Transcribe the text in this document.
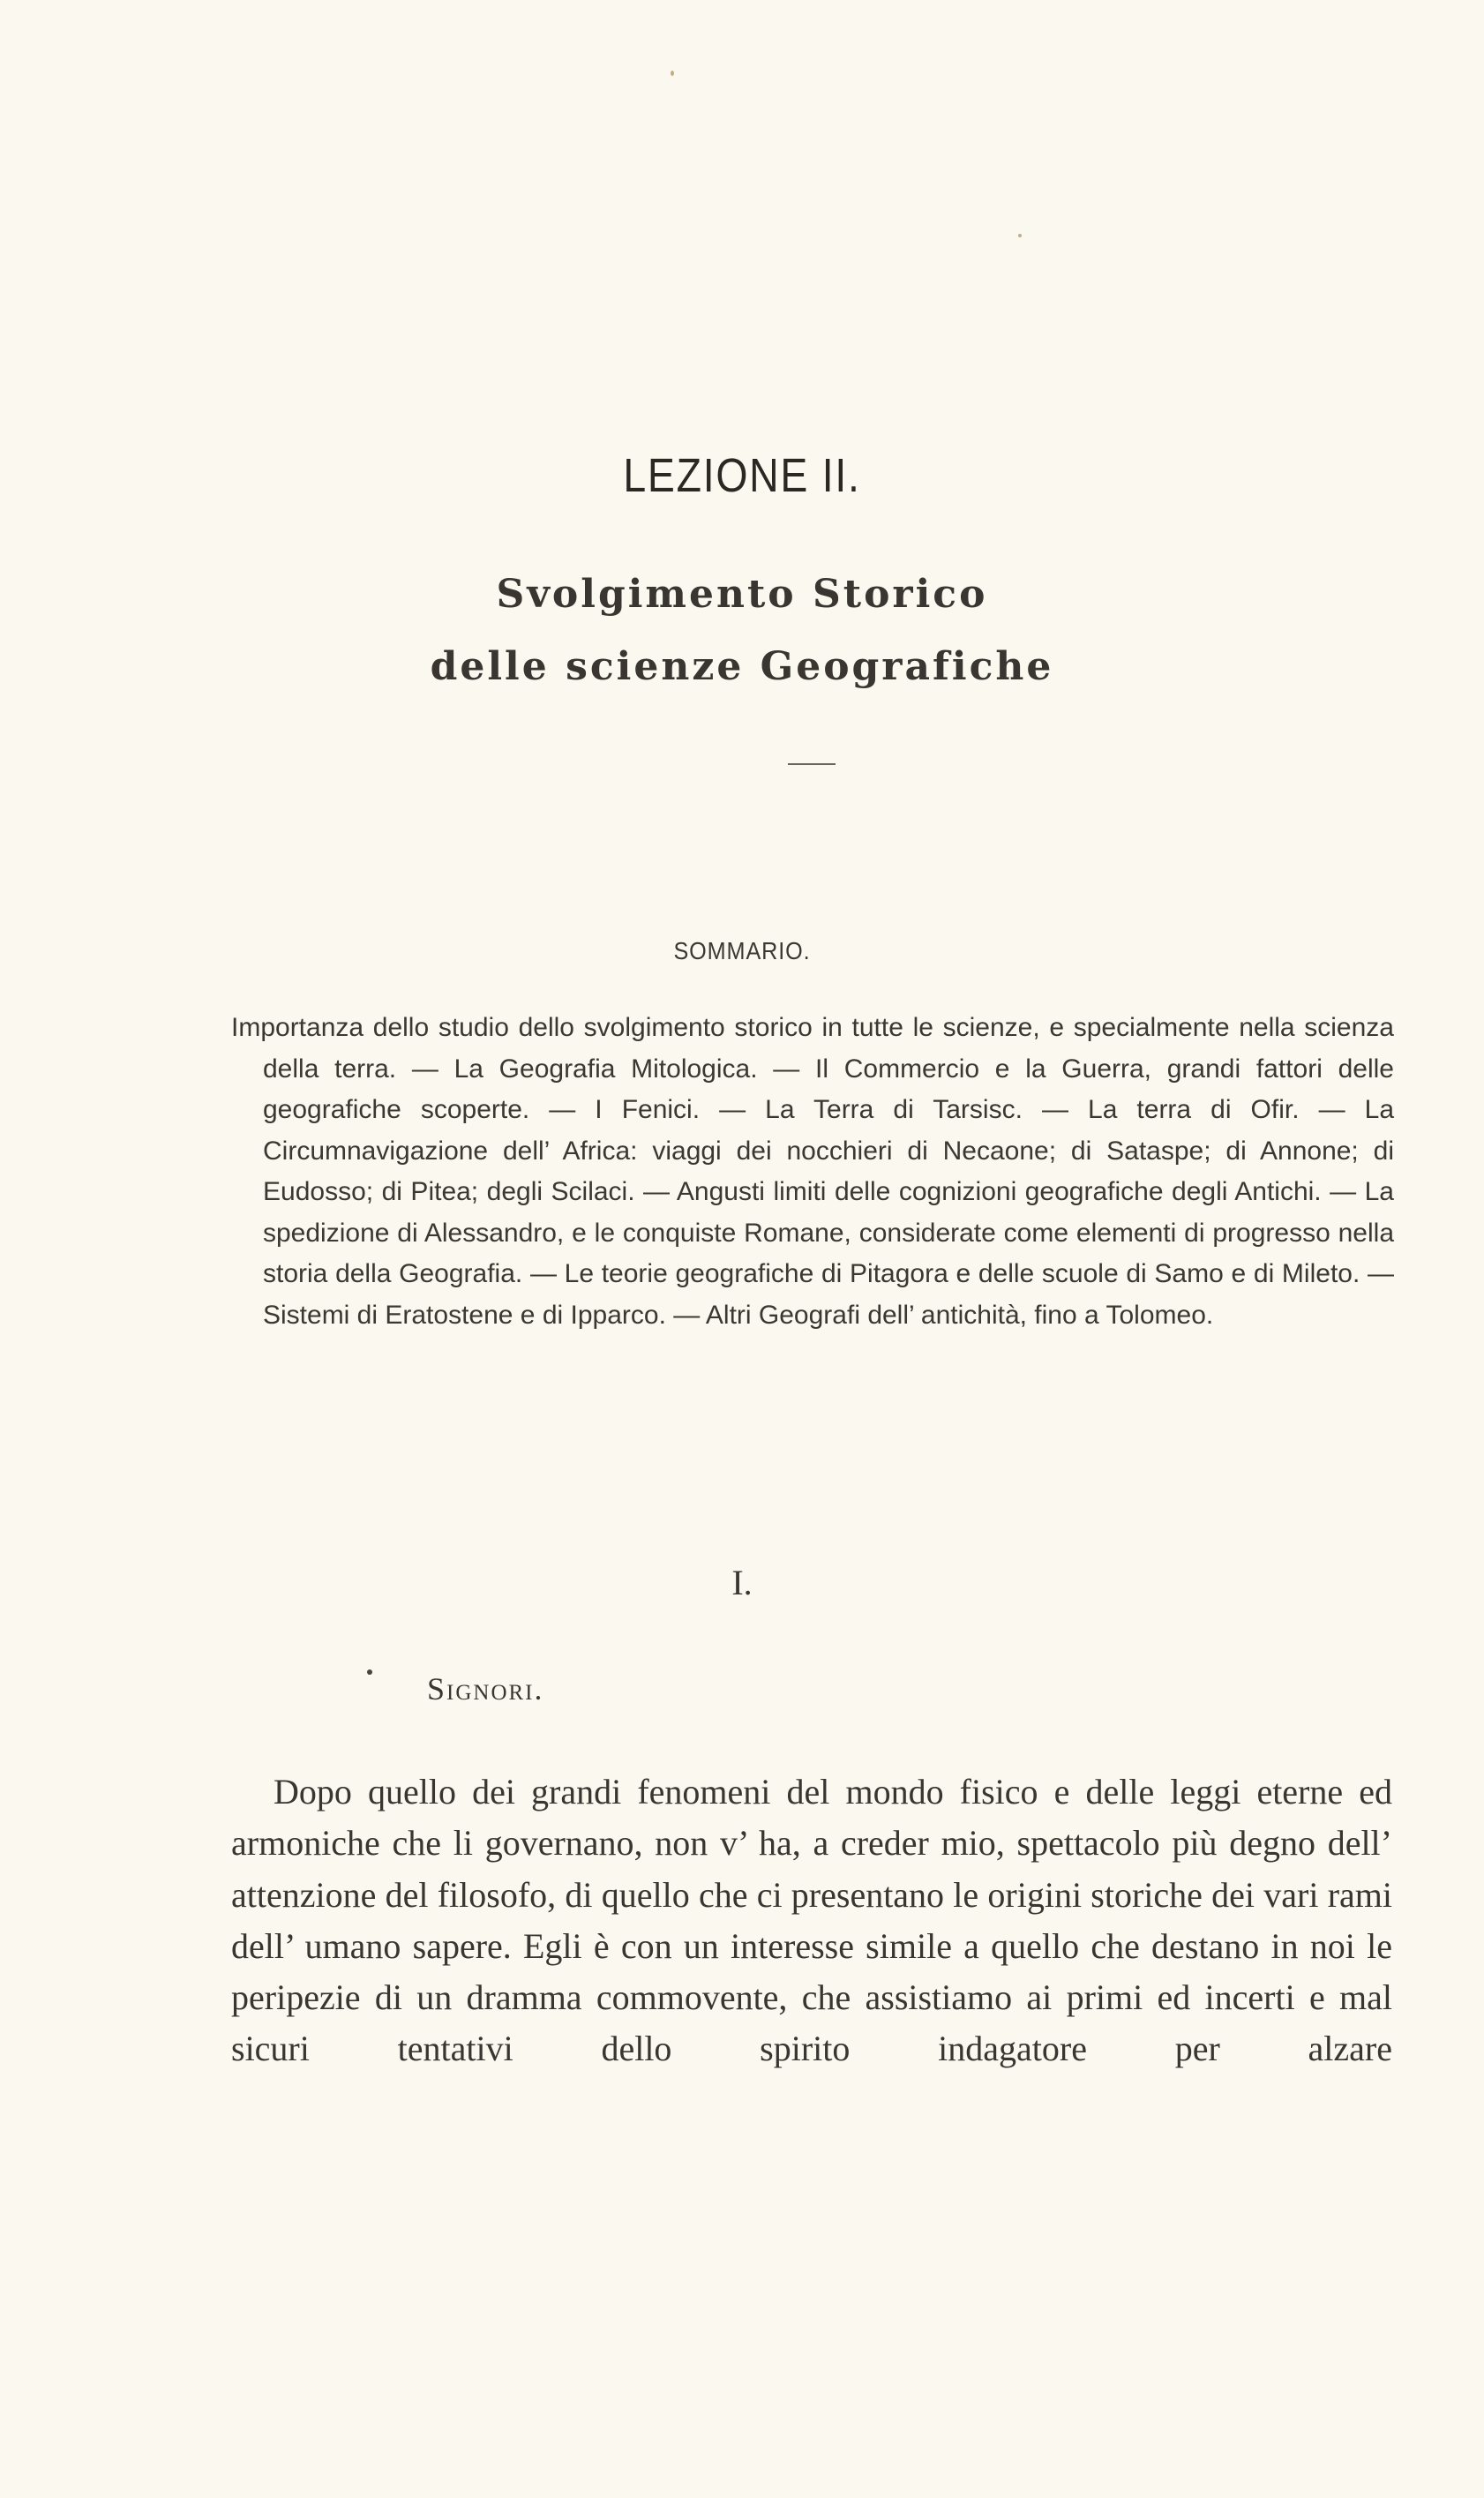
LEZIONE II.
Svolgimento Storico
delle scienze Geografiche
SOMMARIO.

Importanza dello studio dello svolgimento storico in tutte le scienze, e specialmente nella scienza della terra. — La Geografia Mitologica. — Il Commercio e la Guerra, grandi fattori delle geografiche scoperte. — I Fenici. — La Terra di Tarsisc. — La terra di Ofir. — La Circumnavigazione dell’ Africa: viaggi dei nocchieri di Necaone; di Sataspe; di Annone; di Eudosso; di Pitea; degli Scilaci. — Angusti limiti delle cognizioni geografiche degli Antichi. — La spedizione di Alessandro, e le conquiste Romane, considerate come elementi di progresso nella storia della Geografia. — Le teorie geografiche di Pitagora e delle scuole di Samo e di Mileto. — Sistemi di Eratostene e di Ipparco. — Altri Geografi dell’ antichità, fino a Tolomeo.

I.
Signori.

Dopo quello dei grandi fenomeni del mondo fisico e delle leggi eterne ed armoniche che li governano, non v’ ha, a creder mio, spettacolo più degno dell’ attenzione del filosofo, di quello che ci presentano le origini storiche dei vari rami dell’ umano sapere. Egli è con un interesse simile a quello che destano in noi le peripezie di un dramma commovente, che assistiamo ai primi ed incerti e mal sicuri tentativi dello spirito indagatore per alzare
